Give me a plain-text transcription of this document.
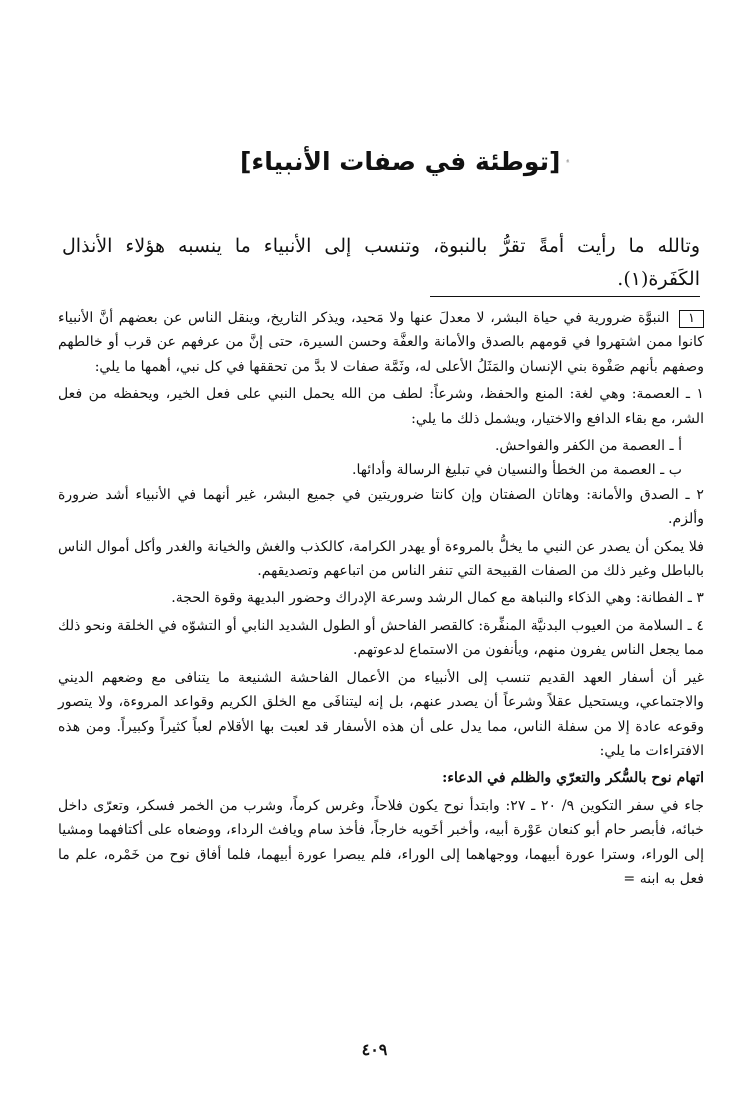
[توطئة في صفات الأنبياء]
وتالله ما رأيت أمةً تقرُّ بالنبوة، وتنسب إلى الأنبياء ما ينسبه هؤلاء الأنذال الكَفَرة(١).

١ النبوَّة ضرورية في حياة البشر، لا معدلَ عنها ولا مَحيد، ويذكر التاريخ، وينقل الناس عن بعضهم أنَّ الأنبياء كانوا ممن اشتهروا في قومهم بالصدق والأمانة والعفَّة وحسن السيرة، حتى إنَّ من عرفهم عن قرب أو خالطهم وصفهم بأنهم صَفْوة بني الإنسان والمَثَلُ الأعلى له، وثَمَّة صفات لا بدَّ من تحققها في كل نبي، أهمها ما يلي:

١ ـ العصمة: وهي لغة: المنع والحفظ، وشرعاً: لطف من الله يحمل النبي على فعل الخير، ويحفظه من فعل الشر، مع بقاء الدافع والاختيار، ويشمل ذلك ما يلي:

أ ـ العصمة من الكفر والفواحش.

ب ـ العصمة من الخطأ والنسيان في تبليغ الرسالة وأدائها.

٢ ـ الصدق والأمانة: وهاتان الصفتان وإن كانتا ضروريتين في جميع البشر، غير أنهما في الأنبياء أشد ضرورة وألزم.

فلا يمكن أن يصدر عن النبي ما يخلُّ بالمروءة أو يهدر الكرامة، كالكذب والغش والخيانة والغدر وأكل أموال الناس بالباطل وغير ذلك من الصفات القبيحة التي تنفر الناس من اتباعهم وتصديقهم.

٣ ـ الفطانة: وهي الذكاء والنباهة مع كمال الرشد وسرعة الإدراك وحضور البديهة وقوة الحجة.

٤ ـ السلامة من العيوب البدنيَّة المنفِّرة: كالقصر الفاحش أو الطول الشديد النابي أو التشوّه في الخلقة ونحو ذلك مما يجعل الناس يفرون منهم، ويأنفون من الاستماع لدعوتهم.

غير أن أسفار العهد القديم تنسب إلى الأنبياء من الأعمال الفاحشة الشنيعة ما يتنافى مع وضعهم الديني والاجتماعي، ويستحيل عقلاً وشرعاً أن يصدر عنهم، بل إنه ليتنافَى مع الخلق الكريم وقواعد المروءة، ولا يتصور وقوعه عادة إلا من سفلة الناس، مما يدل على أن هذه الأسفار قد لعبت بها الأقلام لعباً كثيراً وكبيراً. ومن هذه الافتراءات ما يلي:

اتهام نوح بالسُّكر والتعرّي والظلم في الدعاء:

جاء في سفر التكوين ٩/ ٢٠ ـ ٢٧: وابتدأ نوح يكون فلاحاً، وغرس كرماً، وشرب من الخمر فسكر، وتعرّى داخل خبائه، فأبصر حام أبو كنعان عَوْرة أبيه، وأخبر أخَويه خارجاً، فأخذ سام ويافث الرداء، ووضعاه على أكتافهما ومشيا إلى الوراء، وسترا عورة أبيهما، ووجهاهما إلى الوراء، فلم يبصرا عورة أبيهما، فلما أفاق نوح من خَمْره، علم ما فعل به ابنه =

٤٠٩
